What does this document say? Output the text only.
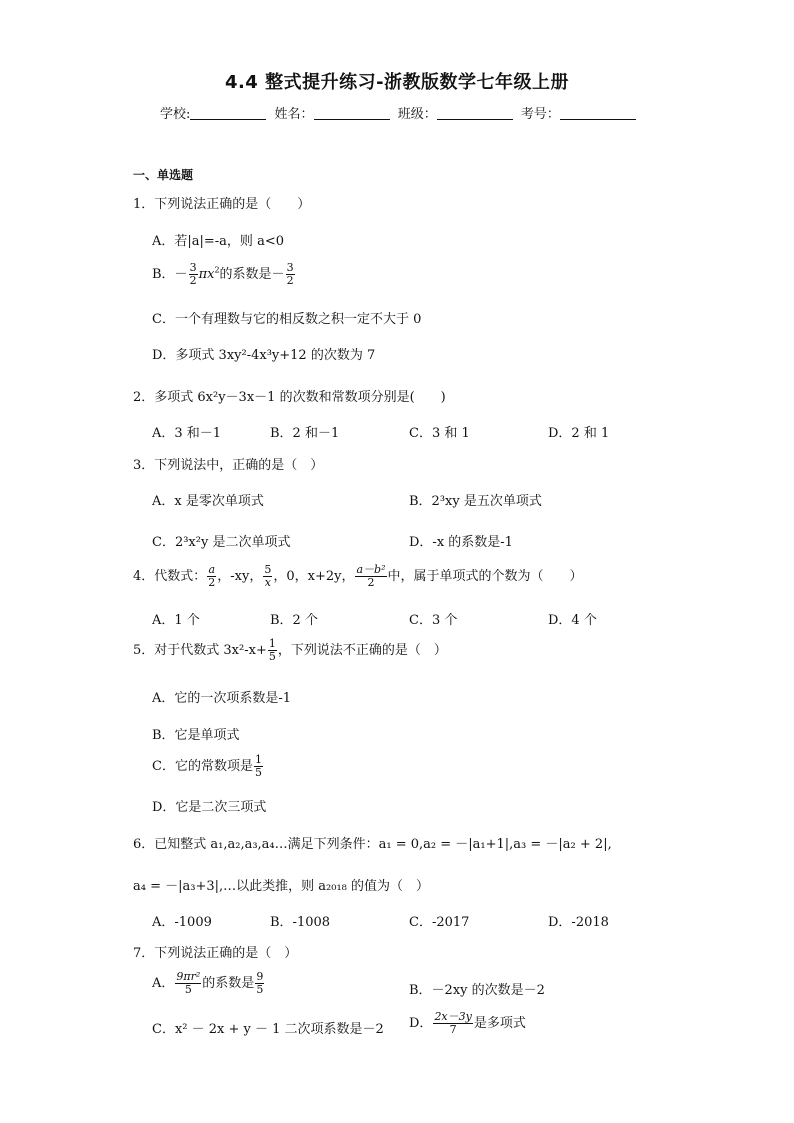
4.4 整式提升练习-浙教版数学七年级上册
学校:	姓名：	班级：	考号：
一、单选题
1．下列说法正确的是（　　）
A．若|a|=-a，则 a<0
B．－ $\frac{3}{2} \pi x^2$的系数是－ $\frac{3}{2}$
C．一个有理数与它的相反数之积一定不大于 0
D．多项式 3xy²-4x³y+12 的次数为 7
2．多项式 6x²y－3x－1 的次数和常数项分别是(　　)
A．3 和－1	B．2 和－1	C．3 和 1	D．2 和 1
3．下列说法中，正确的是（　）
A．x 是零次单项式	B．2³xy 是五次单项式
C．2³x²y 是二次单项式	D．-x 的系数是-1
4．代数式： $\frac{a}{2}$ ，-xy， $\frac{5}{x}$ ，0，x+2y， $\frac{\text{a－b²}}{2}$ 中，属于单项式的个数为（　　）
A．1 个	B．2 个	C．3 个	D．4 个
5．对于代数式 $3x^2-x+ \frac{1}{5}$ ，下列说法不正确的是（　）
A．它的一次项系数是-1
B．它是单项式
C．它的常数项是 $\frac{1}{5}$
D．它是二次三项式
6．已知整式 a₁,a₂,a₃,a₄…满足下列条件：a₁ = 0,a₂ = －|a₁+1|,a₃ = －|a₂ + 2|,
a₄ = －|a₃+3|,…以此类推，则 a₂₀₁₈ 的值为（　）
A．-1009	B．-1008	C．-2017	D．-2018
7．下列说法正确的是（　）
A． $\frac{\text{9πr²}}{5}$ 的系数是 $\frac{9}{5}$	B．－2xy 的次数是－2
C．x² － 2x + y － 1 二次项系数是－2 D． $\frac{2x-3y}{7}$ 是多项式
